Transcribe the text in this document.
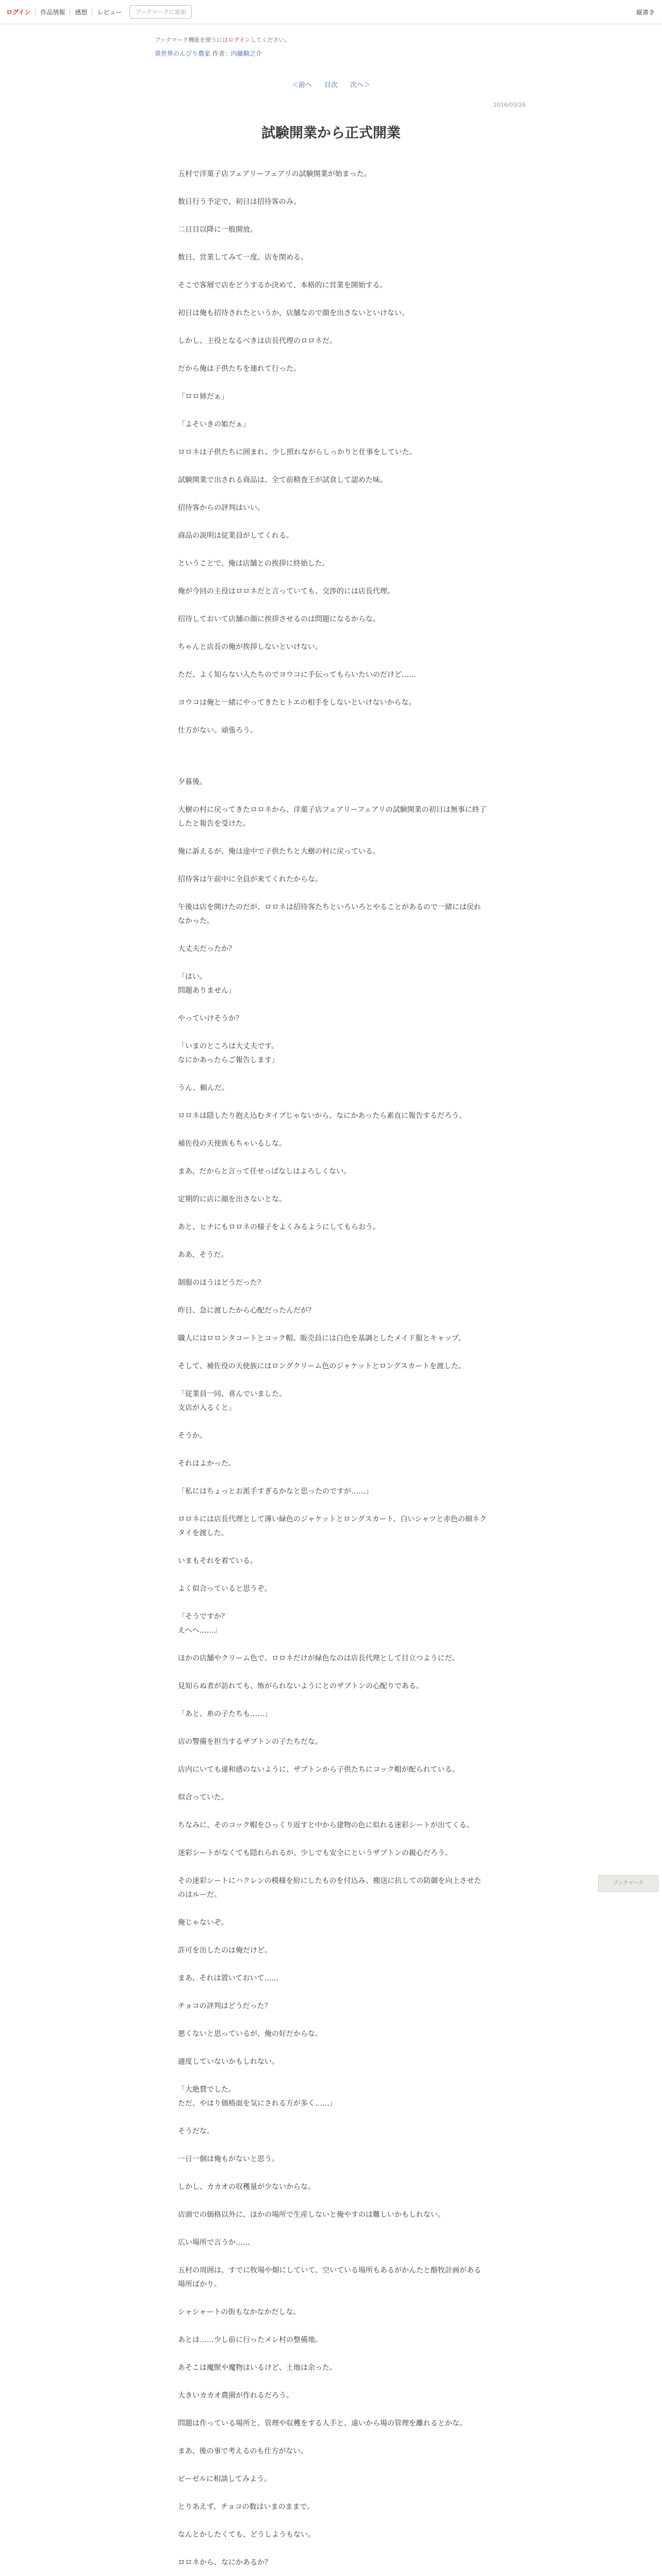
ログイン	作品情報	感想	レビュー	ブックマークに追加	縦書き
ブックマーク機能を使うにはログインしてください。
異世界のんびり農家 作者：内藤騎之介
＜前へ 目次 次へ＞
2016/03/26
試験開業から正式開業

五村で洋菓子店フェアリーフェアリの試験開業が始まった。

数日行う予定で、初日は招待客のみ。

二日目以降に一般開放。

数日、営業してみて一度、店を閉める。

そこで客層で店をどうするか決めて、本格的に営業を開始する。

初日は俺も招待されたというか、店舗なので顔を出さないといけない。

しかし、主役となるべきは店長代理のロロネだ。

だから俺は子供たちを連れて行った。

「ロロ姉だぁ」

「よそいきの姫だぁ」

ロロネは子供たちに囲まれ、少し照れながらしっかりと仕事をしていた。

試験開業で出される商品は、全て前精査王が試食して認めた味。

招待客からの評判はいい。

商品の説明は従業員がしてくれる。

ということで、俺は店舗との挨拶に終始した。

俺が今回の主役はロロネだと言っていても、交渉的には店長代理。

招待しておいて店舗の顔に挨拶させるのは問題になるからな。

ちゃんと店長の俺が挨拶しないといけない。

ただ、よく知らない人たちのでヨウコに手伝ってもらいたいのだけど……

ヨウコは俺と一緒にやってきたヒトエの相手をしないといけないからな。

仕方がない。頑張ろう。

夕暮後。

大樹の村に戻ってきたロロネから、洋菓子店フェアリーフェアリの試験開業の初日は無事に終了したと報告を受けた。

俺に訴えるが、俺は途中で子供たちと大樹の村に戻っている。

招待客は午前中に全員が来てくれたからな。

午後は店を開けたのだが、ロロネは招待客たちといろいろとやることがあるので一緒には戻れなかった。

大丈夫だったか？

「はい。
問題ありません」

やっていけそうか？

「いまのところは大丈夫です。
なにかあったらご報告します」

うん、頼んだ。

ロロネは隠したり抱え込むタイプじゃないから、なにかあったら素直に報告するだろう。

補佐役の天使族もちゃいるしな。

まあ、だからと言って任せっぱなしはよろしくない。

定期的に店に顔を出さないとな。

あと、ヒナにもロロネの様子をよくみるようにしてもらおう。

ああ、そうだ。

制服のほうはどうだった？

昨日、急に渡したから心配だったんだが？

職人にはロロンタコートとコック帽。販売員には白色を基調としたメイド服とキャップ。

そして、補佐役の天使族にはロングクリーム色のジャケットとロングスカートを渡した。

「従業員一同、喜んでいました。
支店が入るくと」

そうか。

それはよかった。

「私にはちょっとお派手すぎるかなと思ったのですが……」

ロロネには店長代理として薄い緑色のジャケットとロングスカート、白いシャツと赤色の細ネクタイを渡した。

いまもそれを着ている。

よく似合っていると思うぞ。

「そうですか？
えへへ……」

ほかの店舗やクリーム色で、ロロネだけが緑色なのは店長代理として目立つようにだ。

見知らぬ者が訪れても、怖がられないようにとのザブトンの心配りである。

「あと、糸の子たちも……」

店の警備を担当するザブトンの子たちだな。

店内にいても違和感のないように、ザブトンから子供たちにコック帽が配られている。

似合っていた。

ちなみに、そのコック帽をひっくり返すと中から建物の色に似れる迷彩シートが出てくる。

迷彩シートがなくても隠れられるが、少しでも安全にというザブトンの親心だろう。

その迷彩シートにハクレンの模様を紛にしたものを付込み、搬送に抗しての防御を向上させたのはルーだ。

俺じゃないぞ。

許可を出したのは俺だけど。

まあ、それは置いておいて……

チョコの評判はどうだった？

悪くないと思っているが、俺の好だからな。

適度していないかもしれない。

「大絶賛でした。
ただ、やはり価格面を気にされる方が多く……」

そうだな。

一日一個は俺もがないと思う。

しかし、カカオの収穫量が少ないからな。

店頭での価格以外に、ほかの場所で生産しないと俺やすのは難しいかもしれない。

広い場所で言うか……

五村の周囲は、すでに牧場や畑にしていて、空いている場所もあるがかんたと酪牧計画がある場所ばかり。

シャシャートの街もなかなかだしな。

あとは……少し前に行ったメレ村の整備地。

あそこは魔獣や魔物はいるけど、土地は余った。

大きいカカオ農園が作れるだろう。

問題は作っている場所と、管理や収穫をする人手と、遠いから場の管理を離れるとかな。

まあ、後の事で考えるのも仕方がない。

ビーゼルに相談してみよう。

とりあえず、チョコの数はいまのままで。

なんとかしたくても、どうしようもない。

ロロネから、なにかあるか？

ブックマーク
